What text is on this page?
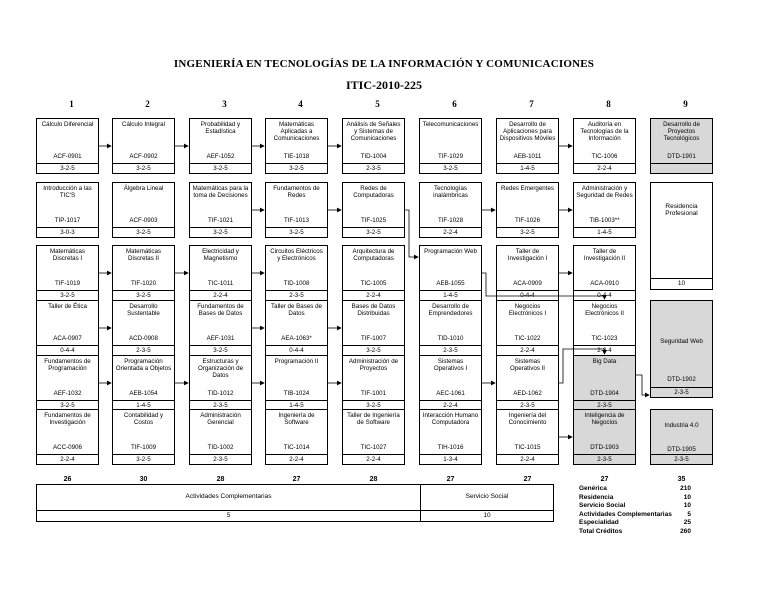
INGENIERÍA EN TECNOLOGÍAS DE LA INFORMACIÓN Y COMUNICACIONES
ITIC-2010-225
1	2	3	4	5	6	7	8	9
Cálculo Diferencial
ACF-0901
3-2-5
Introducción a las TIC'S
TIP-1017
3-0-3
Matemáticas Discretas I
TIF-1019
3-2-5
Taller de Ética
ACA-0907
0-4-4
Fundamentos de Programación
AEF-1032
3-2-5
Fundamentos de Investigación
ACC-0906
2-2-4
Cálculo Integral
ACF-0902
3-2-5
Álgebra Lineal
ACF-0903
3-2-5
Matemáticas Discretas II
TIF-1020
3-2-5
Desarrollo Sustentable
ACD-0908
2-3-5
Programación Orientada a Objetos
AEB-1054
1-4-5
Contabilidad y Costos
TIF-1009
3-2-5
Probabilidad y Estadística
AEF-1052
3-2-5
Matemáticas para la toma de Decisiones
TIF-1021
3-2-5
Electricidad y Magnetismo
TIC-1011
2-2-4
Fundamentos de Bases de Datos
AEF-1031
3-2-5
Estructuras y Organización de Datos
TID-1012
2-3-5
Administración Gerencial
TID-1002
2-3-5
Matemáticas Aplicadas a Comunicaciones
TIE-1018
3-2-5
Fundamentos de Redes
TIF-1013
3-2-5
Circuitos Eléctricos y Electrónicos
TID-1008
2-3-5
Taller de Bases de Datos
AEA-1063*
0-4-4
Programación II
TIB-1024
1-4-5
Ingeniería de Software
TIC-1014
2-2-4
Análisis de Señales y Sistemas de Comunicaciones
TID-1004
2-3-5
Redes de Computadoras
TIF-1025
3-2-5
Arquitectura de Computadoras
TIC-1005
2-2-4
Bases de Datos Distribuidas
TIF-1007
3-2-5
Administración de Proyectos
TIF-1001
3-2-5
Taller de Ingeniería de Software
TIC-1027
2-2-4
Telecomunicaciones
TIF-1029
3-2-5
Tecnologías inalámbricas
TIF-1028
2-2-4
Programación Web
AEB-1055
1-4-5
Desarrollo de Emprendedores
TID-1010
2-3-5
Sistemas Operativos I
AEC-1061
2-2-4
Interacción Humano Computadora
TIH-1016
1-3-4
Desarrollo de Aplicaciones para Dispositivos Móviles
AEB-1011
1-4-5
Redes Emergentes
TIF-1026
3-2-5
Taller de Investigación I
ACA-0909
0-4-4
Negocios Electrónicos I
TIC-1022
2-2-4
Sistemas Operativos II
AED-1062
2-3-5
Ingeniería del Conocimiento
TIC-1015
2-2-4
Auditoría en Tecnologías de la Información
TIC-1006
2-2-4
Administración y Seguridad de Redes
TIB-1003**
1-4-5
Taller de Investigación II
ACA-0910
0-4-4
Negocios Electrónicos II
TIC-1023
2-2-4
Big Data
DTD-1904
2-3-5
Inteligencia de Negocios
DTD-1903
2-3-5
Desarrollo de Proyectos Tecnológicos
DTD-1901
Residencia Profesional
10
Seguridad Web
DTD-1902
2-3-5
Industria 4.0
DTD-1905
2-3-5
26	30	28	27	28	27	27	27	35
Actividades Complementarias
5
Servicio Social
10
Genérica	210
Residencia	10
Servicio Social	10
Actividades Complementarias 5
Especialidad	25
Total Créditos	260
